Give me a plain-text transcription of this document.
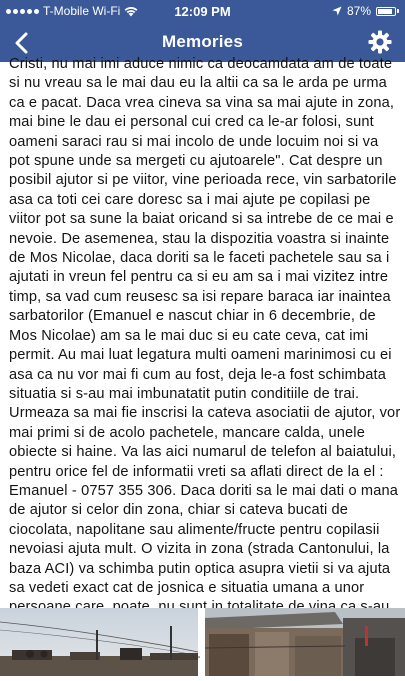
T-Mobile Wi-Fi	12:09 PM	87%
Memories

Cristi, nu mai imi aduce nimic ca deocamdata am de toate si nu vreau sa le mai dau eu la altii ca sa le arda pe urma ca e pacat. Daca vrea cineva sa vina sa mai ajute in zona, mai bine le dau ei personal cui cred ca le-ar folosi, sunt oameni saraci rau si mai incolo de unde locuim noi si va pot spune unde sa mergeti cu ajutoarele". Cat despre un posibil ajutor si pe viitor, vine perioada rece, vin sarbatorile asa ca toti cei care doresc sa i mai ajute pe copilasi pe viitor pot sa sune la baiat oricand si sa intrebe de ce mai e nevoie. De asemenea, stau la dispozitia voastra si inainte de Mos Nicolae, daca doriti sa le faceti pachetele sau sa i ajutati in vreun fel pentru ca si eu am sa i mai vizitez intre timp, sa vad cum reusesc sa isi repare baraca iar inaintea sarbatorilor (Emanuel e nascut chiar in 6 decembrie, de Mos Nicolae) am sa le mai duc si eu cate ceva, cat imi permit. Au mai luat legatura multi oameni marinimosi cu ei asa ca nu vor mai fi cum au fost, deja le-a fost schimbata situatia si s-au mai imbunatatit putin conditiile de trai. Urmeaza sa mai fie inscrisi la cateva asociatii de ajutor, vor mai primi si de acolo pachetele, mancare calda, unele obiecte si haine. Va las aici numarul de telefon al baiatului, pentru orice fel de informatii vreti sa aflati direct de la el : Emanuel - 0757 355 306. Daca doriti sa le mai dati o mana de ajutor si celor din zona, chiar si cateva bucati de ciocolata, napolitane sau alimente/fructe pentru copilasii nevoiasi ajuta mult. O vizita in zona (strada Cantonului, la baza ACI) va schimba putin optica asupra vietii si va ajuta sa vedeti exact cat de josnica e situatia umana a unor
